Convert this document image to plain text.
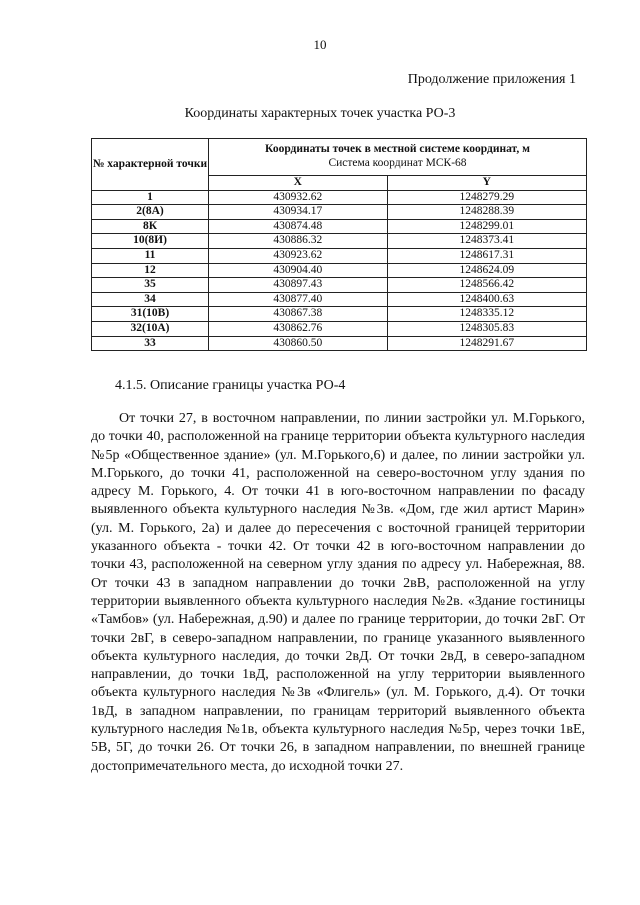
10
Продолжение приложения 1
Координаты характерных точек участка РО-3
№ характерной точки	Координаты точек в местной системе координат, м
Система координат МСК-68	
	X	Y
1	430932.62	1248279.29
2(8А)	430934.17	1248288.39
8К	430874.48	1248299.01
10(8И)	430886.32	1248373.41
11	430923.62	1248617.31
12	430904.40	1248624.09
35	430897.43	1248566.42
34	430877.40	1248400.63
31(10В)	430867.38	1248335.12
32(10А)	430862.76	1248305.83
33	430860.50	1248291.67
4.1.5. Описание границы участка РО-4
От точки 27, в восточном направлении, по линии застройки ул. М.Горького, до точки 40, расположенной на границе территории объекта культурного наследия №5р «Общественное здание» (ул. М.Горького,6) и далее, по линии застройки ул. М.Горького, до точки 41, расположенной на северо-восточном углу здания по адресу М. Горького, 4. От точки 41 в юго-восточном направлении по фасаду выявленного объекта культурного наследия №3в. «Дом, где жил артист Марин» (ул. М. Горького, 2а) и далее до пересечения с восточной границей территории указанного объекта - точки 42. От точки 42 в юго-восточном направлении до точки 43, расположенной на северном углу здания по адресу ул. Набережная, 88. От точки 43 в западном направлении до точки 2вВ, расположенной на углу территории выявленного объекта культурного наследия №2в. «Здание гостиницы «Тамбов» (ул. Набережная, д.90) и далее по границе территории, до точки 2вГ. От точки 2вГ, в северо-западном направлении, по границе указанного выявленного объекта культурного наследия, до точки 2вД. От точки 2вД, в северо-западном направлении, до точки 1вД, расположенной на углу территории выявленного объекта культурного наследия №3в «Флигель» (ул. М. Горького, д.4). От точки 1вД, в западном направлении, по границам территорий выявленного объекта культурного наследия №1в, объекта культурного наследия №5р, через точки 1вЕ, 5В, 5Г, до точки 26. От точки 26, в западном направлении, по внешней границе достопримечательного места, до исходной точки 27.
